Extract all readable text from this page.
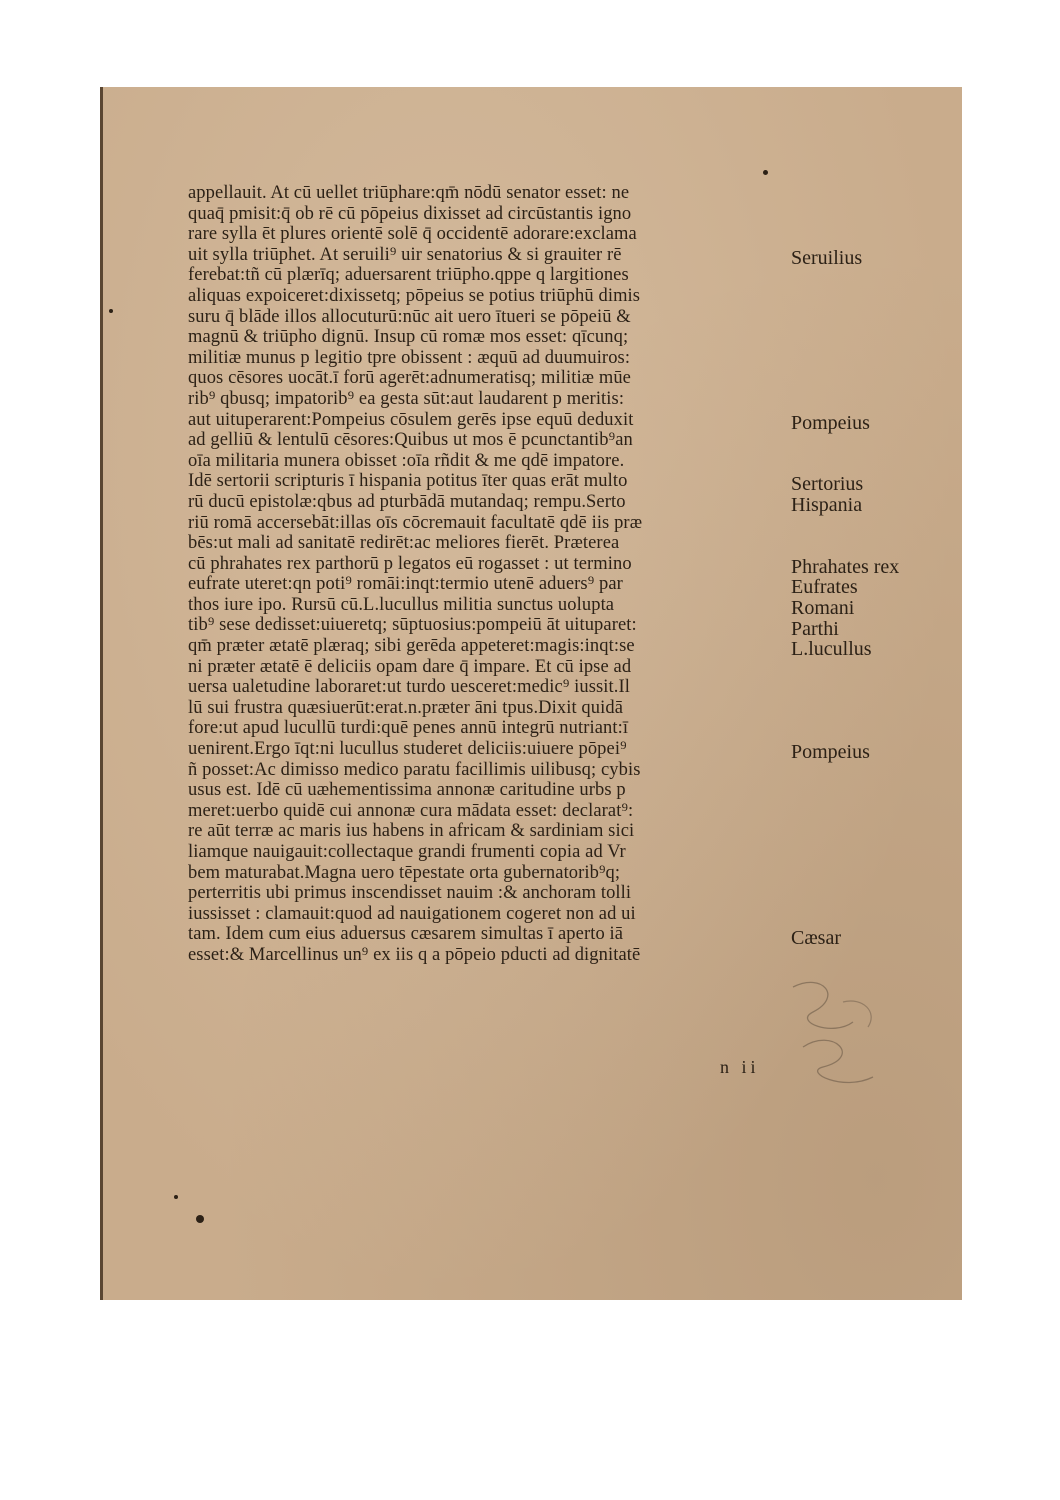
appellauit. At cū uellet triūphare:qm̄ nōdū senator esset: ne
quaq̄ pmisit:q̄ ob rē cū pōpeius dixisset ad circūstantis igno
rare sylla ēt plures orientē solē q̄ occidentē adorare:exclama
uit sylla triūphet. At seruili⁹ uir senatorius & si grauiter rē
ferebat:tñ cū plærīq; aduersarent triūpho.qppe q largitiones
aliquas expoiceret:dixissetq; pōpeius se potius triūphū dimis
suru q̄ blāde illos allocuturū:nūc ait uero ītueri se pōpeiū &
magnū & triūpho dignū. Insup cū romæ mos esset: qīcunq;
militiæ munus p legitio tpre obissent : æquū ad duumuiros:
quos cēsores uocāt.ī forū agerēt:adnumeratisq; militiæ mūe
rib⁹ qbusq; impatorib⁹ ea gesta sūt:aut laudarent p meritis:
aut uituperarent:Pompeius cōsulem gerēs ipse equū deduxit
ad gelliū & lentulū cēsores:Quibus ut mos ē pcunctantib⁹an
oīa militaria munera obisset :oīa rñdit & me qdē impatore.
Idē sertorii scripturis ī hispania potitus īter quas erāt multo
rū ducū epistolæ:qbus ad pturbādā mutandaq; rempu.Serto
riū romā accersebāt:illas oīs cōcremauit facultatē qdē iis præ
bēs:ut mali ad sanitatē redirēt:ac meliores fierēt. Præterea
cū phrahates rex parthorū p legatos eū rogasset : ut termino
eufrate uteret:qn poti⁹ romāi:inqt:termio utenē aduers⁹ par
thos iure ipo. Rursū cū.L.lucullus militia sunctus uolupta
tib⁹ sese dedisset:uiueretq; sūptuosius:pompeiū āt uituparet:
qm̄ præter ætatē plæraq; sibi gerēda appeteret:magis:inqt:se
ni præter ætatē ē deliciis opam dare q̄ impare. Et cū ipse ad
uersa ualetudine laboraret:ut turdo uesceret:medic⁹ iussit.Il
lū sui frustra quæsiuerūt:erat.n.præter āni tpus.Dixit quidā
fore:ut apud lucullū turdi:quē penes annū integrū nutriant:ī
uenirent.Ergo īqt:ni lucullus studeret deliciis:uiuere pōpei⁹
ñ posset:Ac dimisso medico paratu facillimis uilibusq; cybis
usus est. Idē cū uæhementissima annonæ caritudine urbs p
meret:uerbo quidē cui annonæ cura mādata esset: declarat⁹:
re aūt terræ ac maris ius habens in africam & sardiniam sici
liamque nauigauit:collectaque grandi frumenti copia ad Vr
bem maturabat.Magna uero tēpestate orta gubernatorib⁹q;
perterritis ubi primus inscendisset nauim :& anchoram tolli
iussisset : clamauit:quod ad nauigationem cogeret non ad ui
tam. Idem cum eius aduersus cæsarem simultas ī aperto iā
esset:& Marcellinus un⁹ ex iis q a pōpeio pducti ad dignitatē
Seruilius
Pompeius
Sertorius
Hispania
Phrahates rex
Eufrates
Romani
Parthi
L.lucullus
Pompeius
Cæsar
n ii
